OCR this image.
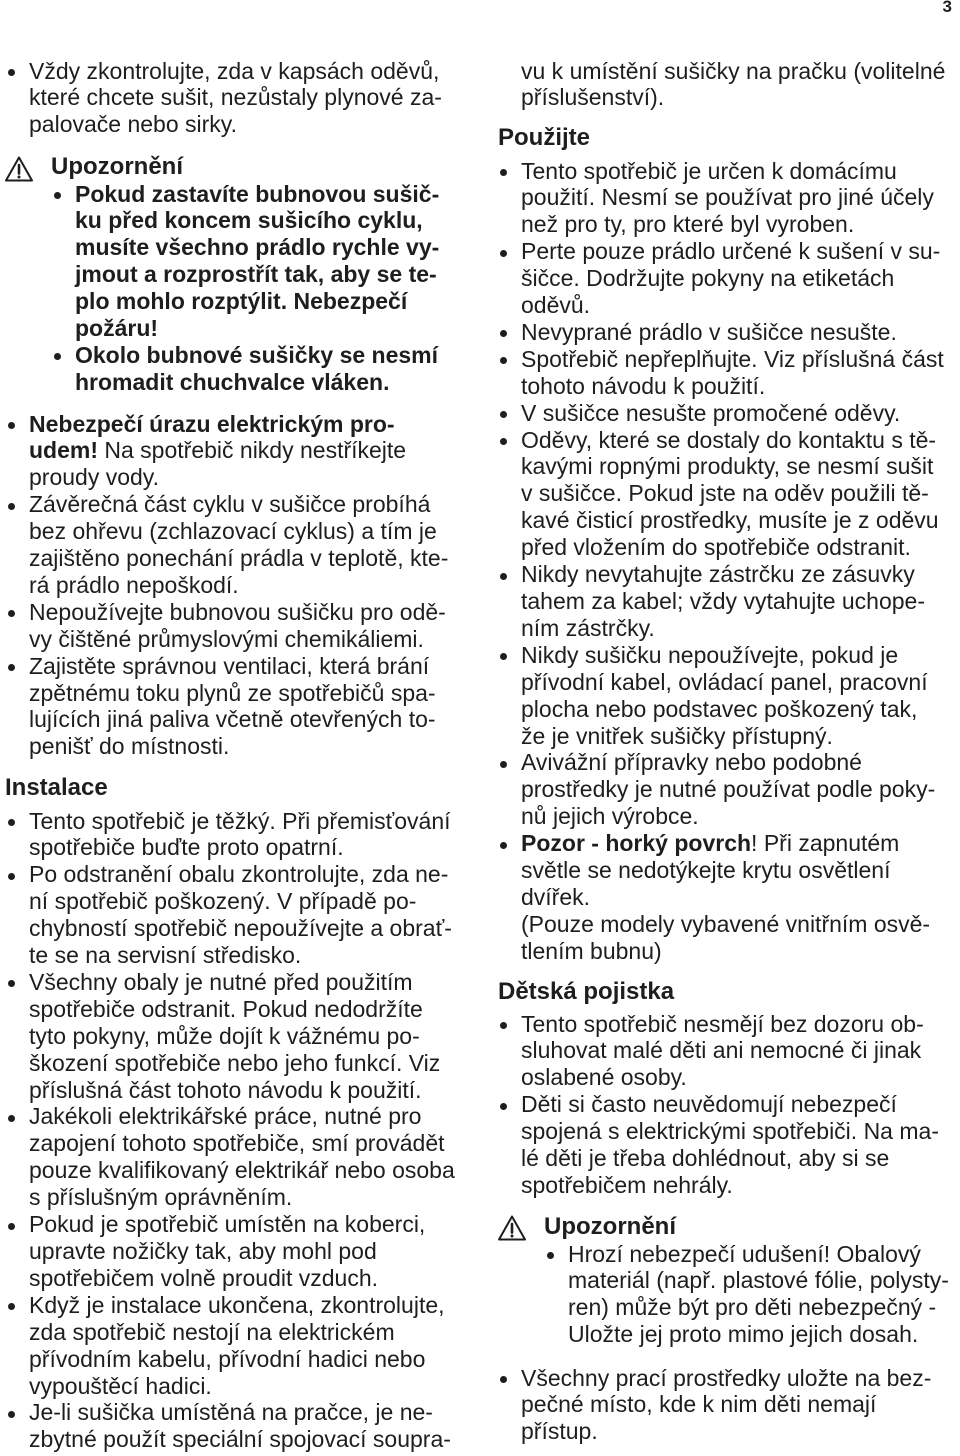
3
Vždy zkontrolujte, zda v kapsách oděvů,
které chcete sušit, nezůstaly plynové za-
palovače nebo sirky.
Upozornění
Pokud zastavíte bubnovou sušič-
ku před koncem sušicího cyklu,
musíte všechno prádlo rychle vy-
jmout a rozprostřít tak, aby se te-
plo mohlo rozptýlit. Nebezpečí
požáru!
Okolo bubnové sušičky se nesmí
hromadit chuchvalce vláken.
Nebezpečí úrazu elektrickým pro-
udem! Na spotřebič nikdy nestříkejte
proudy vody.
Závěrečná část cyklu v sušičce probíhá
bez ohřevu (zchlazovací cyklus) a tím je
zajištěno ponechání prádla v teplotě, kte-
rá prádlo nepoškodí.
Nepoužívejte bubnovou sušičku pro odě-
vy čištěné průmyslovými chemikáliemi.
Zajistěte správnou ventilaci, která brání
zpětnému toku plynů ze spotřebičů spa-
lujících jiná paliva včetně otevřených to-
penišť do místnosti.
Instalace
Tento spotřebič je těžký. Při přemisťování
spotřebiče buďte proto opatrní.
Po odstranění obalu zkontrolujte, zda ne-
ní spotřebič poškozený. V případě po-
chybností spotřebič nepoužívejte a obrať-
te se na servisní středisko.
Všechny obaly je nutné před použitím
spotřebiče odstranit. Pokud nedodržíte
tyto pokyny, může dojít k vážnému po-
škození spotřebiče nebo jeho funkcí. Viz
příslušná část tohoto návodu k použití.
Jakékoli elektrikářské práce, nutné pro
zapojení tohoto spotřebiče, smí provádět
pouze kvalifikovaný elektrikář nebo osoba
s příslušným oprávněním.
Pokud je spotřebič umístěn na koberci,
upravte nožičky tak, aby mohl pod
spotřebičem volně proudit vzduch.
Když je instalace ukončena, zkontrolujte,
zda spotřebič nestojí na elektrickém
přívodním kabelu, přívodní hadici nebo
vypouštěcí hadici.
Je-li sušička umístěná na pračce, je ne-
zbytné použít speciální spojovací soupra-
vu k umístění sušičky na pračku (volitelné
příslušenství).
Použijte
Tento spotřebič je určen k domácímu
použití. Nesmí se používat pro jiné účely
než pro ty, pro které byl vyroben.
Perte pouze prádlo určené k sušení v su-
šičce. Dodržujte pokyny na etiketách
oděvů.
Nevyprané prádlo v sušičce nesušte.
Spotřebič nepřeplňujte. Viz příslušná část
tohoto návodu k použití.
V sušičce nesušte promočené oděvy.
Oděvy, které se dostaly do kontaktu s tě-
kavými ropnými produkty, se nesmí sušit
v sušičce. Pokud jste na oděv použili tě-
kavé čisticí prostředky, musíte je z oděvu
před vložením do spotřebiče odstranit.
Nikdy nevytahujte zástrčku ze zásuvky
tahem za kabel; vždy vytahujte uchope-
ním zástrčky.
Nikdy sušičku nepoužívejte, pokud je
přívodní kabel, ovládací panel, pracovní
plocha nebo podstavec poškozený tak,
že je vnitřek sušičky přístupný.
Avivážní přípravky nebo podobné
prostředky je nutné používat podle poky-
nů jejich výrobce.
Pozor - horký povrch! Při zapnutém
světle se nedotýkejte krytu osvětlení
dvířek.
(Pouze modely vybavené vnitřním osvě-
tlením bubnu)
Dětská pojistka
Tento spotřebič nesmějí bez dozoru ob-
sluhovat malé děti ani nemocné či jinak
oslabené osoby.
Děti si často neuvědomují nebezpečí
spojená s elektrickými spotřebiči. Na ma-
lé děti je třeba dohlédnout, aby si se
spotřebičem nehrály.
Upozornění
Hrozí nebezpečí udušení! Obalový
materiál (např. plastové fólie, polysty-
ren) může být pro děti nebezpečný -
Uložte jej proto mimo jejich dosah.
Všechny prací prostředky uložte na bez-
pečné místo, kde k nim děti nemají
přístup.
